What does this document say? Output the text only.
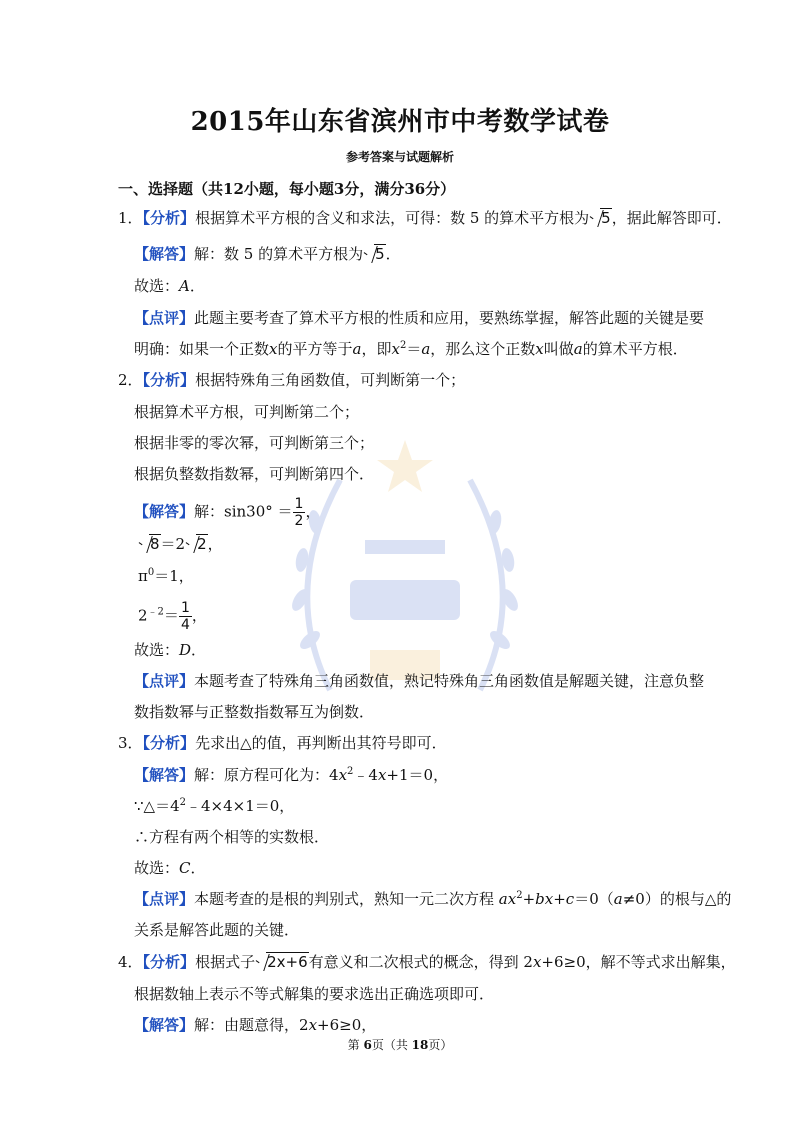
2015年山东省滨州市中考数学试卷
参考答案与试题解析
一、选择题（共12小题，每小题3分，满分36分）
1．【分析】根据算术平方根的含义和求法，可得：数 5 的算术平方根为 5，据此解答即可．
【解答】解：数 5 的算术平方根为 5．
故选：A．
【点评】此题主要考查了算术平方根的性质和应用，要熟练掌握，解答此题的关键是要
明确：如果一个正数x的平方等于a，即$x^2=a$，那么这个正数x叫做a的算术平方根．
2．【分析】根据特殊角三角函数值，可判断第一个；
根据算术平方根，可判断第二个；
根据非零的零次幂，可判断第三个；
根据负整数指数幂，可判断第四个．
【解答】解：$\sin 30^\circ = \frac{1}{2}$ ，
8＝2 2，
$\pi^0=1$，
$2^{﹣2}= \frac{1}{4}$ ，
故选：D．
【点评】本题考查了特殊角三角函数值，熟记特殊角三角函数值是解题关键，注意负整
数指数幂与正整数指数幂互为倒数．
3．【分析】先求出△的值，再判断出其符号即可．
【解答】解：原方程可化为：$4x^2﹣4x+1=0$，
$\because\triangle=4^2﹣4\times 4\times 1=0$，
∴方程有两个相等的实数根．
故选：C．
【点评】本题考查的是根的判别式，熟知一元二次方程 $ax^2+bx+c=0(a\ne 0)$的根与△的
关系是解答此题的关键．
4．【分析】根据式子 2x+6有意义和二次根式的概念，得到 2x+6≥0，解不等式求出解集，
根据数轴上表示不等式解集的要求选出正确选项即可．
【解答】解：由题意得，2x+6≥0，
第 6页（共 18页）
